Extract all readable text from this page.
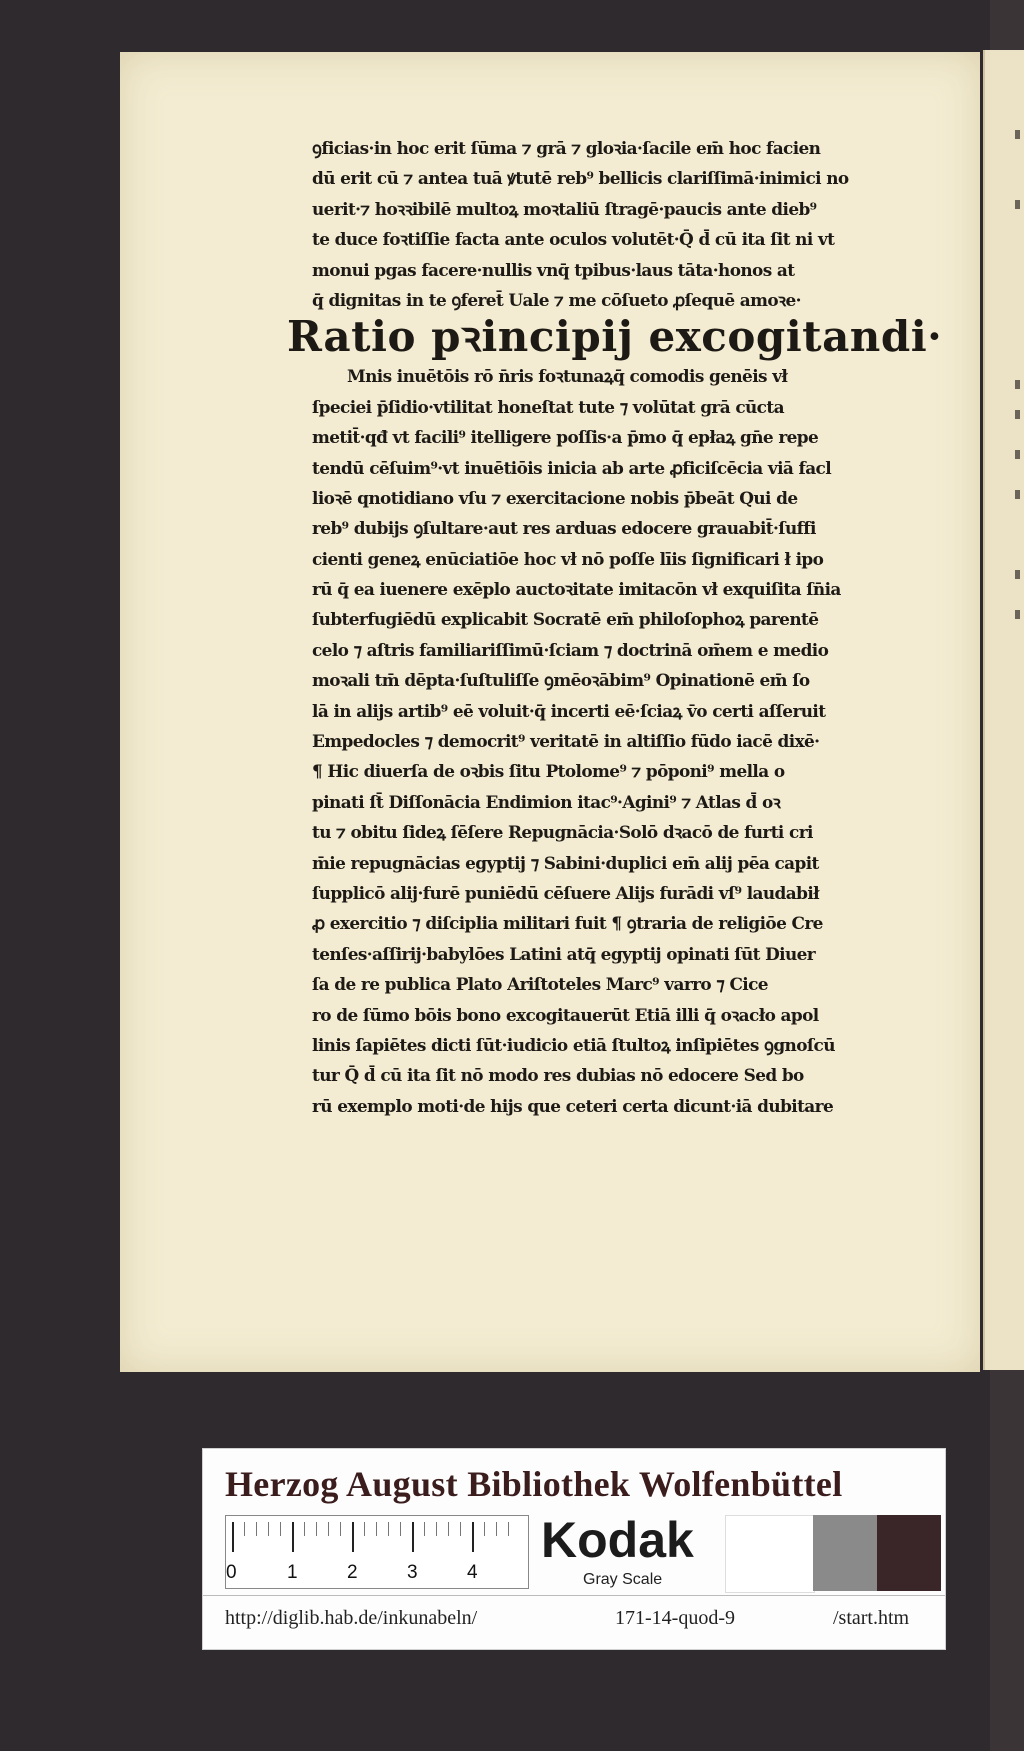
ꝯficias·in hoc erit ſūma ⁊ grā ⁊ gloꝛia·ſacile em̄ hoc facien
dū erit cū ⁊ antea tuā ꝟtutē reb⁹ bellicis clariſſimā·inimici no
uerit·⁊ hoꝛꝛibilē multoꝝ moꝛtaliū ſtragē·paucis ante dieb⁹
te duce foꝛtiſſie facta ante oculos volutēt·Q̄ d̄ cū ita ſit ni vt
monui pgas facere·nullis vnq̄ tpibus·laus tāta·honos at
q̄ dignitas in te ꝯferet̄ Uale ⁊ me cōſueto ꝓſequē amoꝛe·
Ratio pꝛincipij excogitandi·
Mnis inuētōis rō n̄ris foꝛtunaꝝq̄ comodis genēis vł
ſpeciei p̄ſidio·vtilitat honeſtat tute ⁊ volūtat grā cūcta
metit̄·qđ vt facili⁹ itelligere poſſis·a p̄mo q̄ epłaꝝ gn̄e repe
tendū cēſuim⁹·vt inuētiōis inicia ab arte ꝓficiſcēcia viā facl
lioꝛē qnotidiano vſu ⁊ exercitacione nobis p̄beāt Qui de
reb⁹ dubijs ꝯſultare·aut res arduas edocere grauabit̄·ſuffi
cienti geneꝝ enūciatiōe hoc vł nō poſſe līis ſignificari ł ipo
rū q̄ ea iuenere exēplo auctoꝛitate imitacōn vł exquiſita ſn̄ia
ſubterfugiēdū explicabit Socratē em̄ philoſophoꝝ parentē
celo ⁊ aſtris familiariſſimū·ſciam ⁊ doctrinā om̄em e medio
moꝛali tm̄ dēpta·ſuſtuliſſe ꝯmēoꝛābim⁹ Opinationē em̄ ſo
lā in alijs artib⁹ eē voluit·q̄ incerti eē·ſciaꝝ v̄o certi aſſeruit
Empedocles ⁊ democrit⁹ veritatē in altiſſio fūdo iacē dixē·
¶ Hic diuerſa de oꝛbis ſitu Ptolome⁹ ⁊ pōponi⁹ mella o
pinati ſt̄ Diſſonācia Endimion itac⁹·Agini⁹ ⁊ Atlas d̄ oꝛ
tu ⁊ obitu ſideꝝ ſēſere Repugnācia·Solō dꝛacō de furti cri
m̄ie repugnācias egyptij ⁊ Sabini·duplici em̄ alij pēa capit
ſupplicō alij·furē puniēdū cēſuere Alijs furādi vſ⁹ laudabił
ꝓ exercitio ⁊ diſciplia militari fuit ¶ ꝯtraria de religiōe Cre
tenſes·aſſirij·babylōes Latini atq̄ egyptij opinati ſūt Diuer
ſa de re publica Plato Ariſtoteles Marc⁹ varro ⁊ Cice
ro de ſūmo bōis bono excogitauerūt Etiā illi q̄ oꝛacło apol
linis ſapiētes dicti ſūt·iudicio etiā ſtultoꝝ inſipiētes ꝯgnoſcū
tur Q̄ d̄ cū ita ſit nō modo res dubias nō edocere Sed bo
rū exemplo moti·de hijs que ceteri certa dicunt·iā dubitare
Herzog August Bibliothek Wolfenbüttel
0	1	2	3	4
Kodak
Gray Scale
http://diglib.hab.de/inkunabeln/	171-14-quod-9	/start.htm
